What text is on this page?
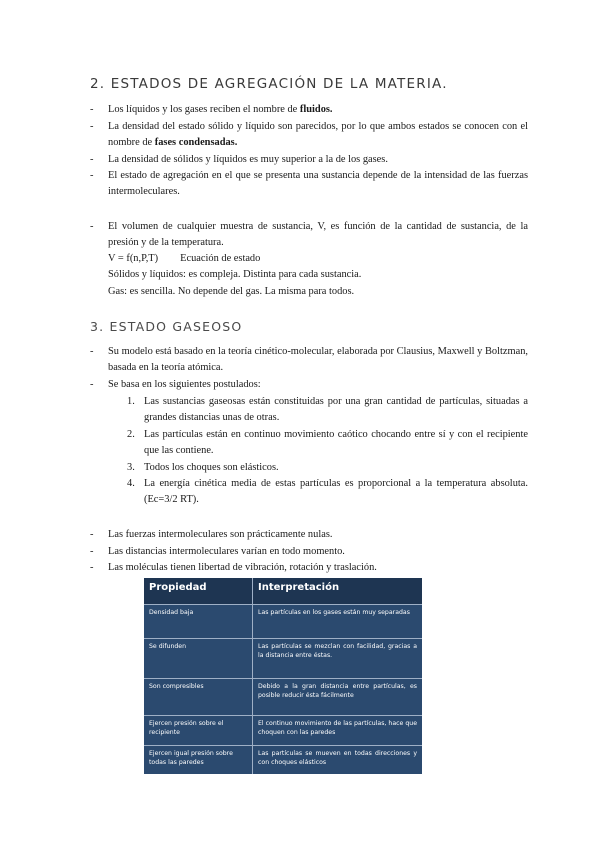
2. ESTADOS DE AGREGACIÓN DE LA MATERIA.
- Los líquidos y los gases reciben el nombre de fluidos.
- La densidad del estado sólido y líquido son parecidos, por lo que ambos estados se conocen con el nombre de fases condensadas.
- La densidad de sólidos y líquidos es muy superior a la de los gases.
- El estado de agregación en el que se presenta una sustancia depende de la intensidad de las fuerzas intermoleculares.
- El volumen de cualquier muestra de sustancia, V, es función de la cantidad de sustancia, de la presión y de la temperatura.
V = f(n,P,T) Ecuación de estado
Sólidos y líquidos: es compleja. Distinta para cada sustancia.
Gas: es sencilla. No depende del gas. La misma para todos.
3. ESTADO GASEOSO
- Su modelo está basado en la teoría cinético-molecular, elaborada por Clausius, Maxwell y Boltzman, basada en la teoría atómica.
- Se basa en los siguientes postulados:
1. Las sustancias gaseosas están constituidas por una gran cantidad de partículas, situadas a grandes distancias unas de otras.
2. Las partículas están en continuo movimiento caótico chocando entre sí y con el recipiente que las contiene.
3. Todos los choques son elásticos.
4. La energía cinética media de estas partículas es proporcional a la temperatura absoluta. (Ec=3/2 RT).
- Las fuerzas intermoleculares son prácticamente nulas.
- Las distancias intermoleculares varían en todo momento.
- Las moléculas tienen libertad de vibración, rotación y traslación.
Propiedad	Interpretación
Densidad baja	Las partículas en los gases están muy separadas
Se difunden	Las partículas se mezclan con facilidad, gracias a la distancia entre éstas.
Son compresibles	Debido a la gran distancia entre partículas, es posible reducir ésta fácilmente
Ejercen presión sobre el recipiente	El continuo movimiento de las partículas, hace que choquen con las paredes
Ejercen igual presión sobre todas las paredes	Las partículas se mueven en todas direcciones y con choques elásticos
